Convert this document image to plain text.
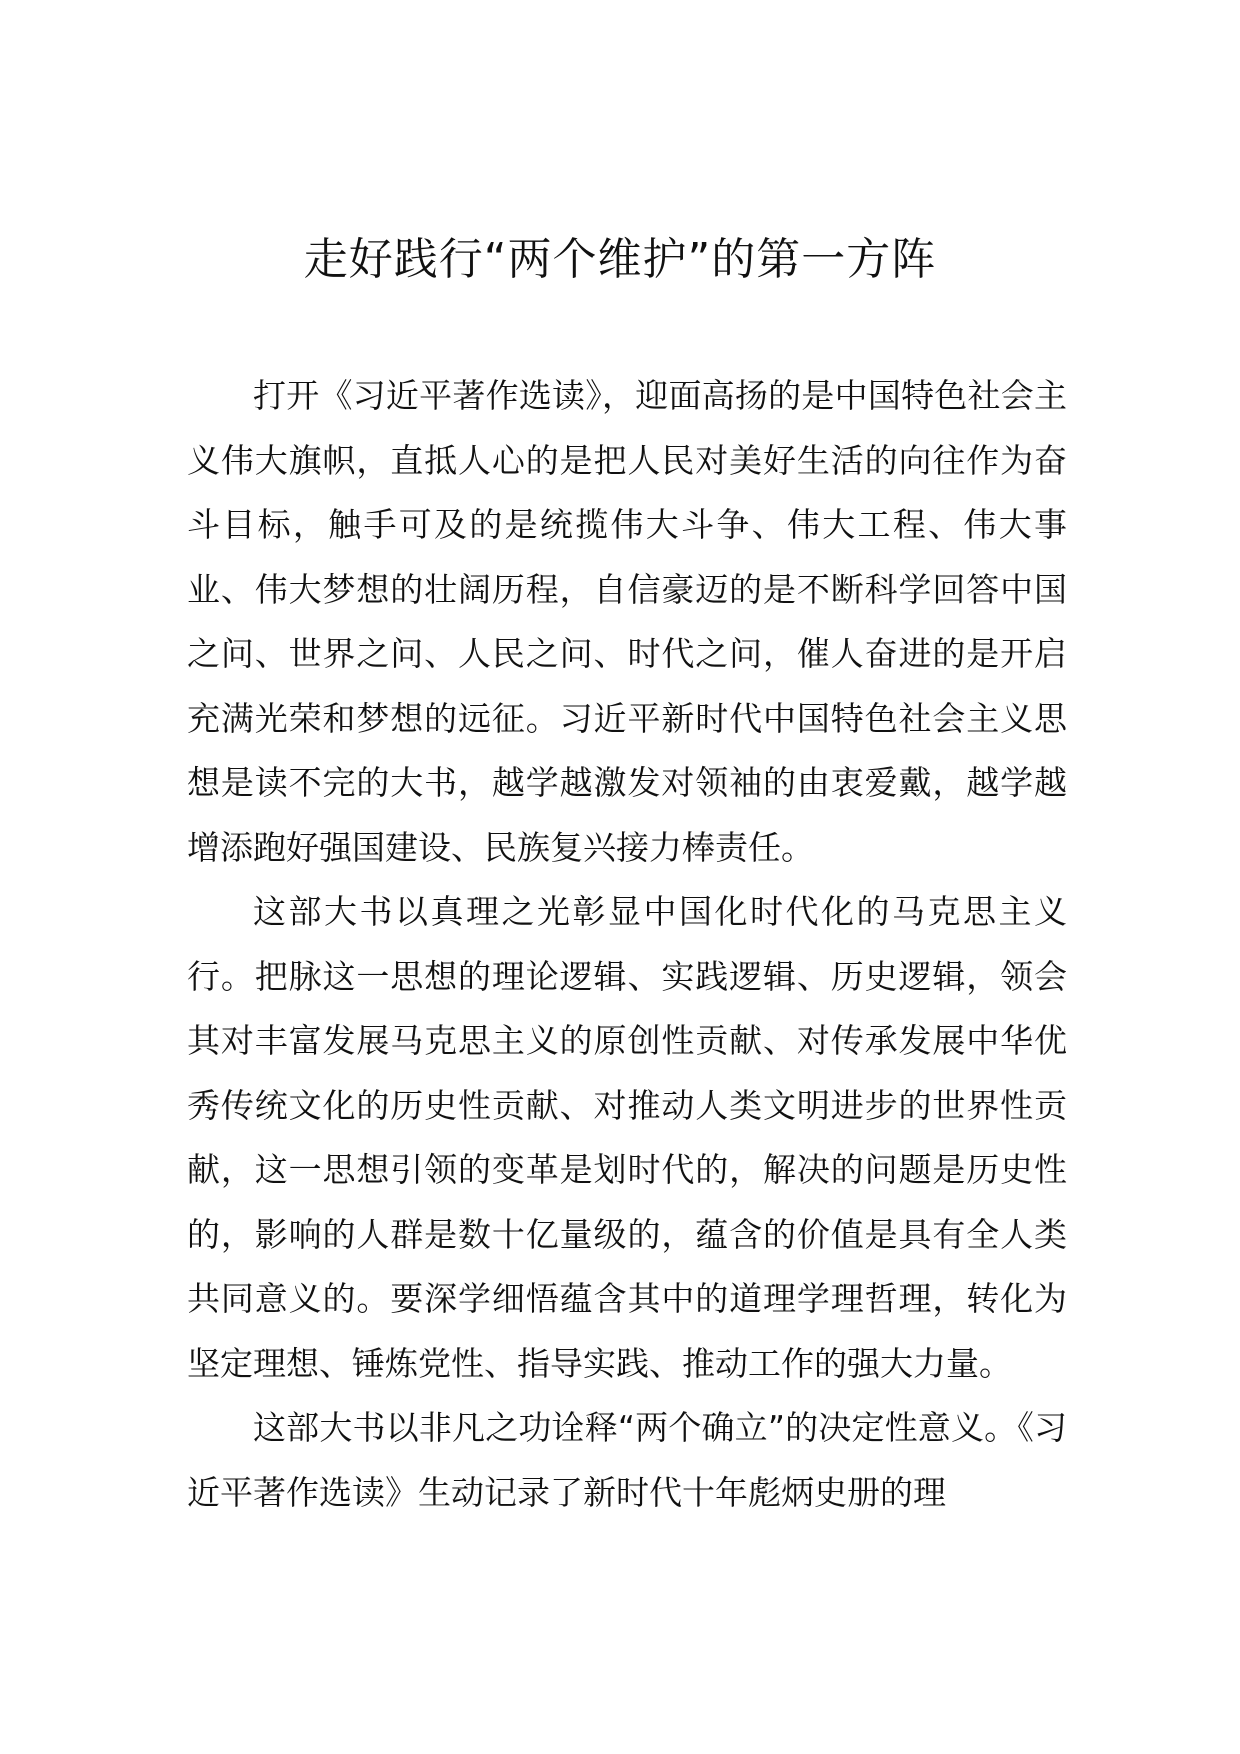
走好践行“两个维护”的第一方阵

打开《习近平著作选读》，迎面高扬的是中国特色社会主义伟大旗帜，直抵人心的是把人民对美好生活的向往作为奋斗目标，触手可及的是统揽伟大斗争、伟大工程、伟大事业、伟大梦想的壮阔历程，自信豪迈的是不断科学回答中国之问、世界之问、人民之问、时代之问，催人奋进的是开启充满光荣和梦想的远征。习近平新时代中国特色社会主义思想是读不完的大书，越学越激发对领袖的由衷爱戴，越学越增添跑好强国建设、民族复兴接力棒责任。

这部大书以真理之光彰显中国化时代化的马克思主义行。把脉这一思想的理论逻辑、实践逻辑、历史逻辑，领会其对丰富发展马克思主义的原创性贡献、对传承发展中华优秀传统文化的历史性贡献、对推动人类文明进步的世界性贡献，这一思想引领的变革是划时代的，解决的问题是历史性的，影响的人群是数十亿量级的，蕴含的价值是具有全人类共同意义的。要深学细悟蕴含其中的道理学理哲理，转化为坚定理想、锤炼党性、指导实践、推动工作的强大力量。

这部大书以非凡之功诠释“两个确立”的决定性意义。《习近平著作选读》生动记录了新时代十年彪炳史册的理
